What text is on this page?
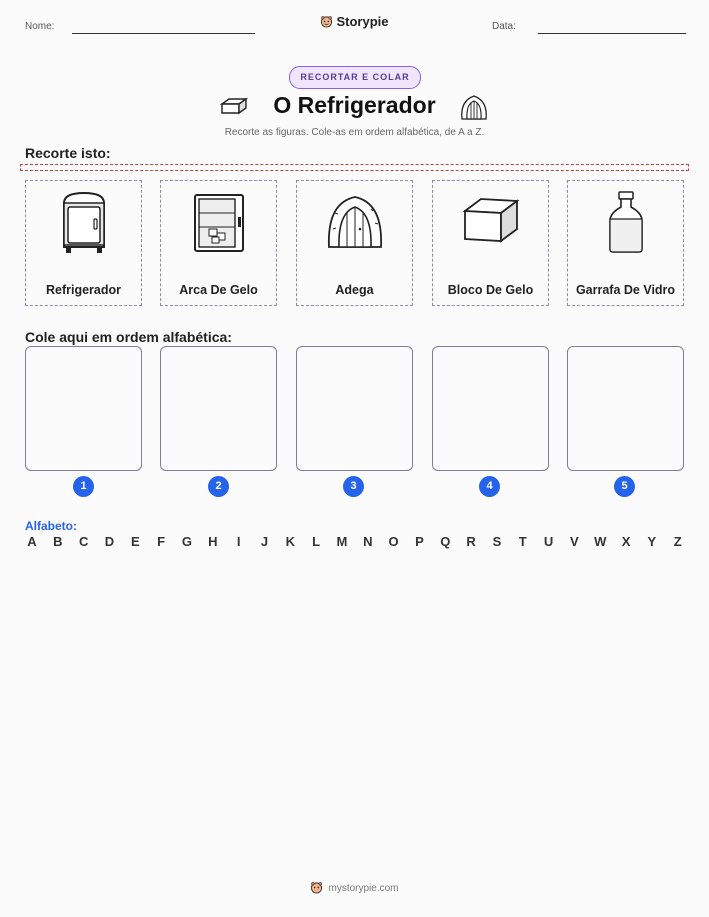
Nome:	Storypie	Data:
RECORTAR E COLAR
O Refrigerador
Recorte as figuras. Cole-as em ordem alfabética, de A a Z.
Recorte isto:
Refrigerador	Arca De Gelo	Adega	Bloco De Gelo	Garrafa De Vidro
Cole aqui em ordem alfabética:
1	2	3	4	5
Alfabeto:
A B C D E F G H	I	J K L M N O P Q R S T U V W X Y Z
mystorypie.com
